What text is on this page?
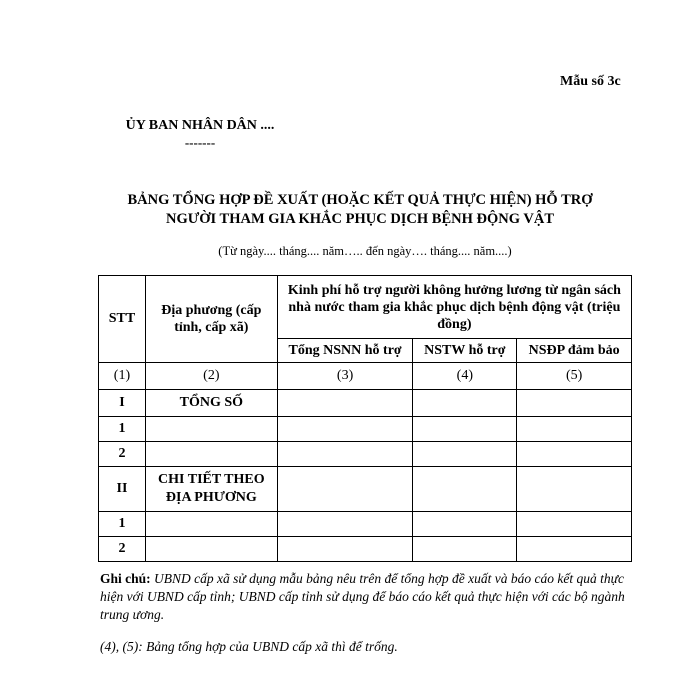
Mẫu số 3c
ỦY BAN NHÂN DÂN ....
-------
BẢNG TỔNG HỢP ĐỀ XUẤT (HOẶC KẾT QUẢ THỰC HIỆN) HỖ TRỢ
NGƯỜI THAM GIA KHẮC PHỤC DỊCH BỆNH ĐỘNG VẬT
(Từ ngày.... tháng.... năm….. đến ngày…. tháng.... năm....)
STT	Địa phương (cấp tỉnh, cấp xã)	Kinh phí hỗ trợ người không hưởng lương từ ngân sách nhà nước tham gia khắc phục dịch bệnh động vật (triệu đồng)		
		Tổng NSNN hỗ trợ	NSTW hỗ trợ	NSĐP đảm bảo
(1)	(2)	(3)	(4)	(5)
I	TỔNG SỐ			
1				
2				
II	CHI TIẾT THEO ĐỊA PHƯƠNG			
1				
2				
Ghi chú: UBND cấp xã sử dụng mẫu bảng nêu trên để tổng hợp đề xuất và báo cáo kết quả thực hiện với UBND cấp tỉnh; UBND cấp tỉnh sử dụng để báo cáo kết quả thực hiện với các bộ ngành trung ương.
(4), (5): Bảng tổng hợp của UBND cấp xã thì để trống.
